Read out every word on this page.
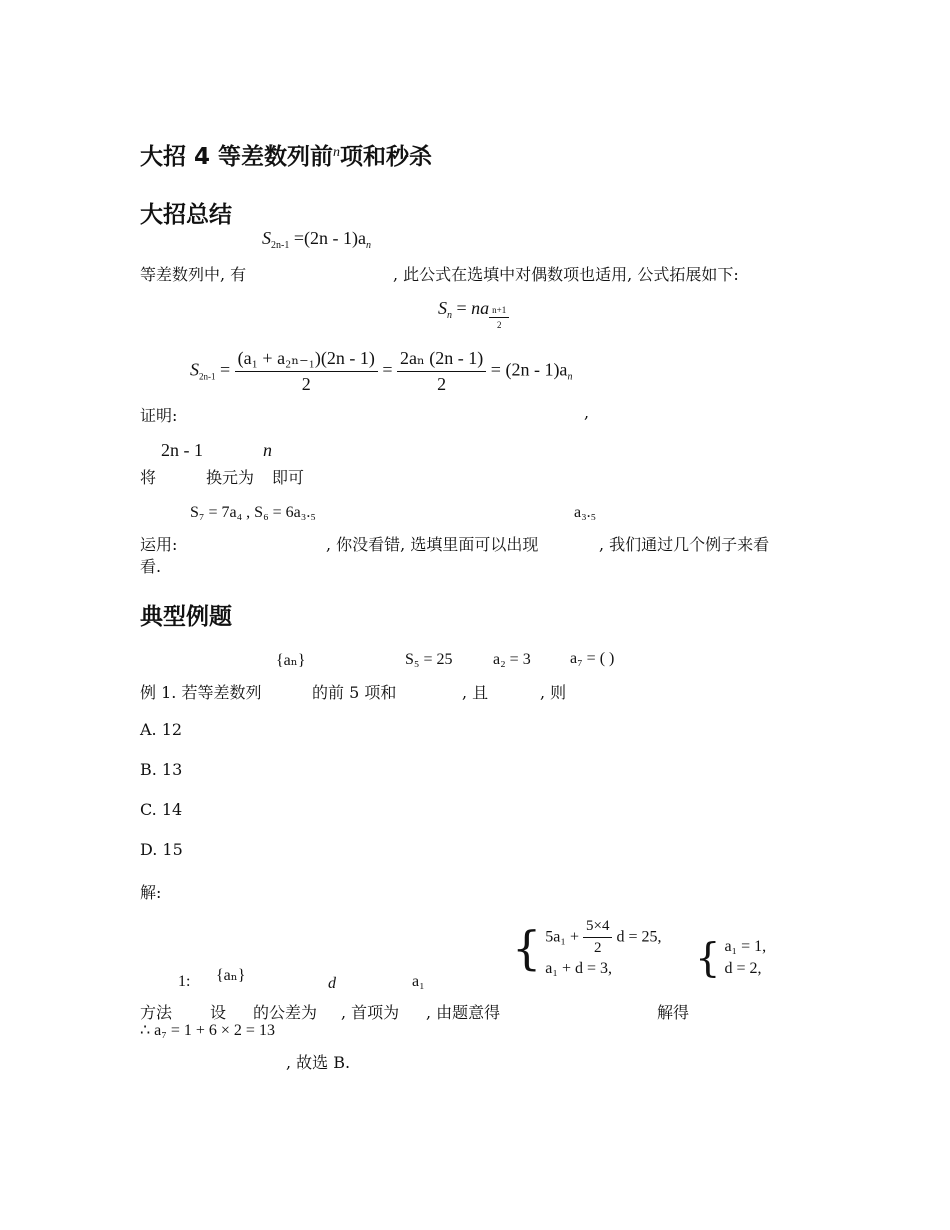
大招 4 等差数列前$^n$项和秒杀
大招总结
$S_{2n-1} =(2n - 1)a_n$
等差数列中, 有	, 此公式在选填中对偶数项也适用, 公式拓展如下:
$S_n$ = na $\frac{n+1}{2}$
$S_{2n-1} = \frac{\text{(a₁ + a₂ₙ₋₁)(2n - 1)}}{2} = \frac{\text{2aₙ (2n - 1)}}{2} = (2n - 1)a_n$
证明:	,
2n - 1	n
将	换元为 即可
S₇ = 7a₄ , S₆ = 6a₃.₅	a₃.₅
运用:	, 你没看错, 选填里面可以出现	, 我们通过几个例子来看
看.
典型例题
{aₙ}	S₅ = 25	a₂ = 3 a₇ = ( )
例 1. 若等差数列	的前 5 项和	, 且	, 则
A. 12
B. 13
C. 14
D. 15
解:
{ $5a_1 + \frac{5\times 4}{2}$ d = 25,
a₁ + d = 3,	{ a₁ = 1,
d = 2,
1: {aₙ}	d	a₁
方法 设 的公差为 , 首项为 , 由题意得	解得
∴ a₇ = 1 + 6 × 2 = 13
, 故选 B.
